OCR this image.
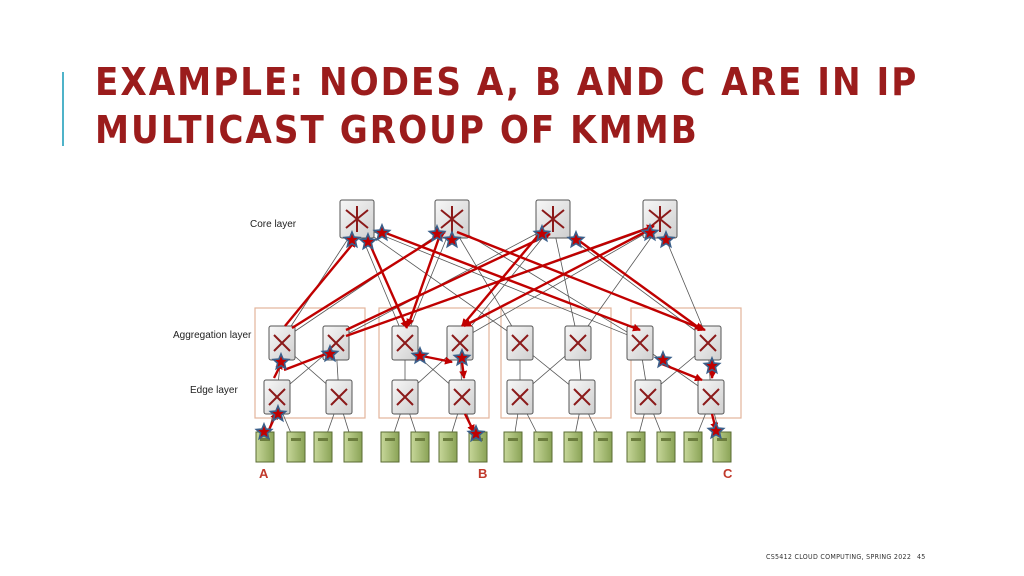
EXAMPLE: NODES A, B AND C ARE IN IP MULTICAST GROUP OF KMMB
Core layer
Aggregation layer
Edge layer
A	B	C
CS5412 CLOUD COMPUTING, SPRING 2022 45
